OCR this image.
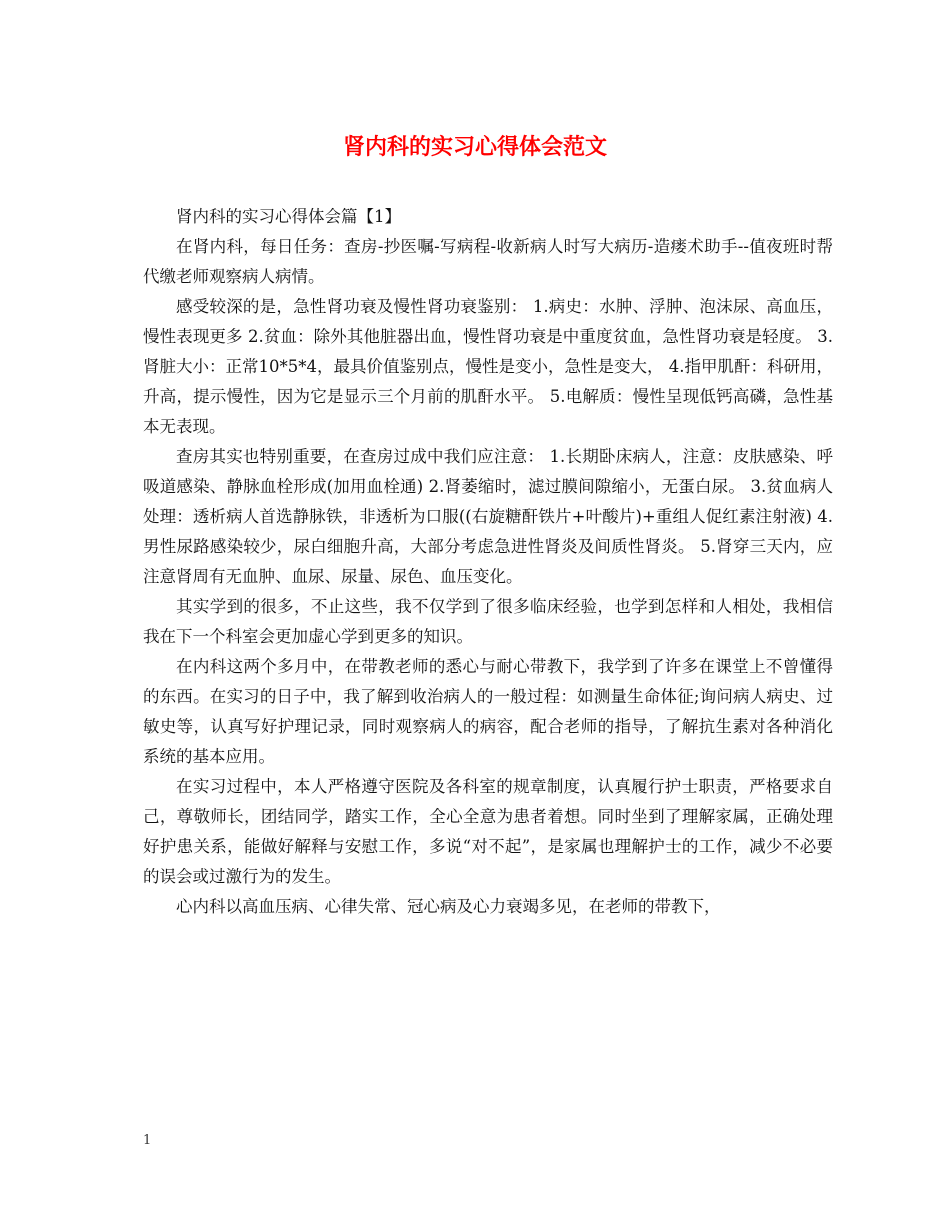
肾内科的实习心得体会范文

肾内科的实习心得体会篇【1】

在肾内科，每日任务：查房-抄医嘱-写病程-收新病人时写大病历-造瘘术助手--值夜班时帮代缴老师观察病人病情。

感受较深的是，急性肾功衰及慢性肾功衰鉴别： 1.病史：水肿、浮肿、泡沫尿、高血压，慢性表现更多 2.贫血：除外其他脏器出血，慢性肾功衰是中重度贫血，急性肾功衰是轻度。 3.肾脏大小：正常10*5*4，最具价值鉴别点，慢性是变小，急性是变大， 4.指甲肌酐：科研用，升高，提示慢性，因为它是显示三个月前的肌酐水平。 5.电解质：慢性呈现低钙高磷，急性基本无表现。

查房其实也特别重要，在查房过成中我们应注意： 1.长期卧床病人，注意：皮肤感染、呼吸道感染、静脉血栓形成(加用血栓通) 2.肾萎缩时，滤过膜间隙缩小，无蛋白尿。 3.贫血病人处理：透析病人首选静脉铁，非透析为口服((右旋糖酐铁片+叶酸片)+重组人促红素注射液) 4.男性尿路感染较少，尿白细胞升高，大部分考虑急进性肾炎及间质性肾炎。 5.肾穿三天内，应注意肾周有无血肿、血尿、尿量、尿色、血压变化。

其实学到的很多，不止这些，我不仅学到了很多临床经验，也学到怎样和人相处，我相信我在下一个科室会更加虚心学到更多的知识。

在内科这两个多月中，在带教老师的悉心与耐心带教下，我学到了许多在课堂上不曾懂得的东西。在实习的日子中，我了解到收治病人的一般过程：如测量生命体征;询问病人病史、过敏史等，认真写好护理记录，同时观察病人的病容，配合老师的指导，了解抗生素对各种消化系统的基本应用。

在实习过程中，本人严格遵守医院及各科室的规章制度，认真履行护士职责，严格要求自己，尊敬师长，团结同学，踏实工作，全心全意为患者着想。同时坐到了理解家属，正确处理好护患关系，能做好解释与安慰工作，多说“对不起”，是家属也理解护士的工作，减少不必要的误会或过激行为的发生。

心内科以高血压病、心律失常、冠心病及心力衰竭多见，在老师的带教下，

1
